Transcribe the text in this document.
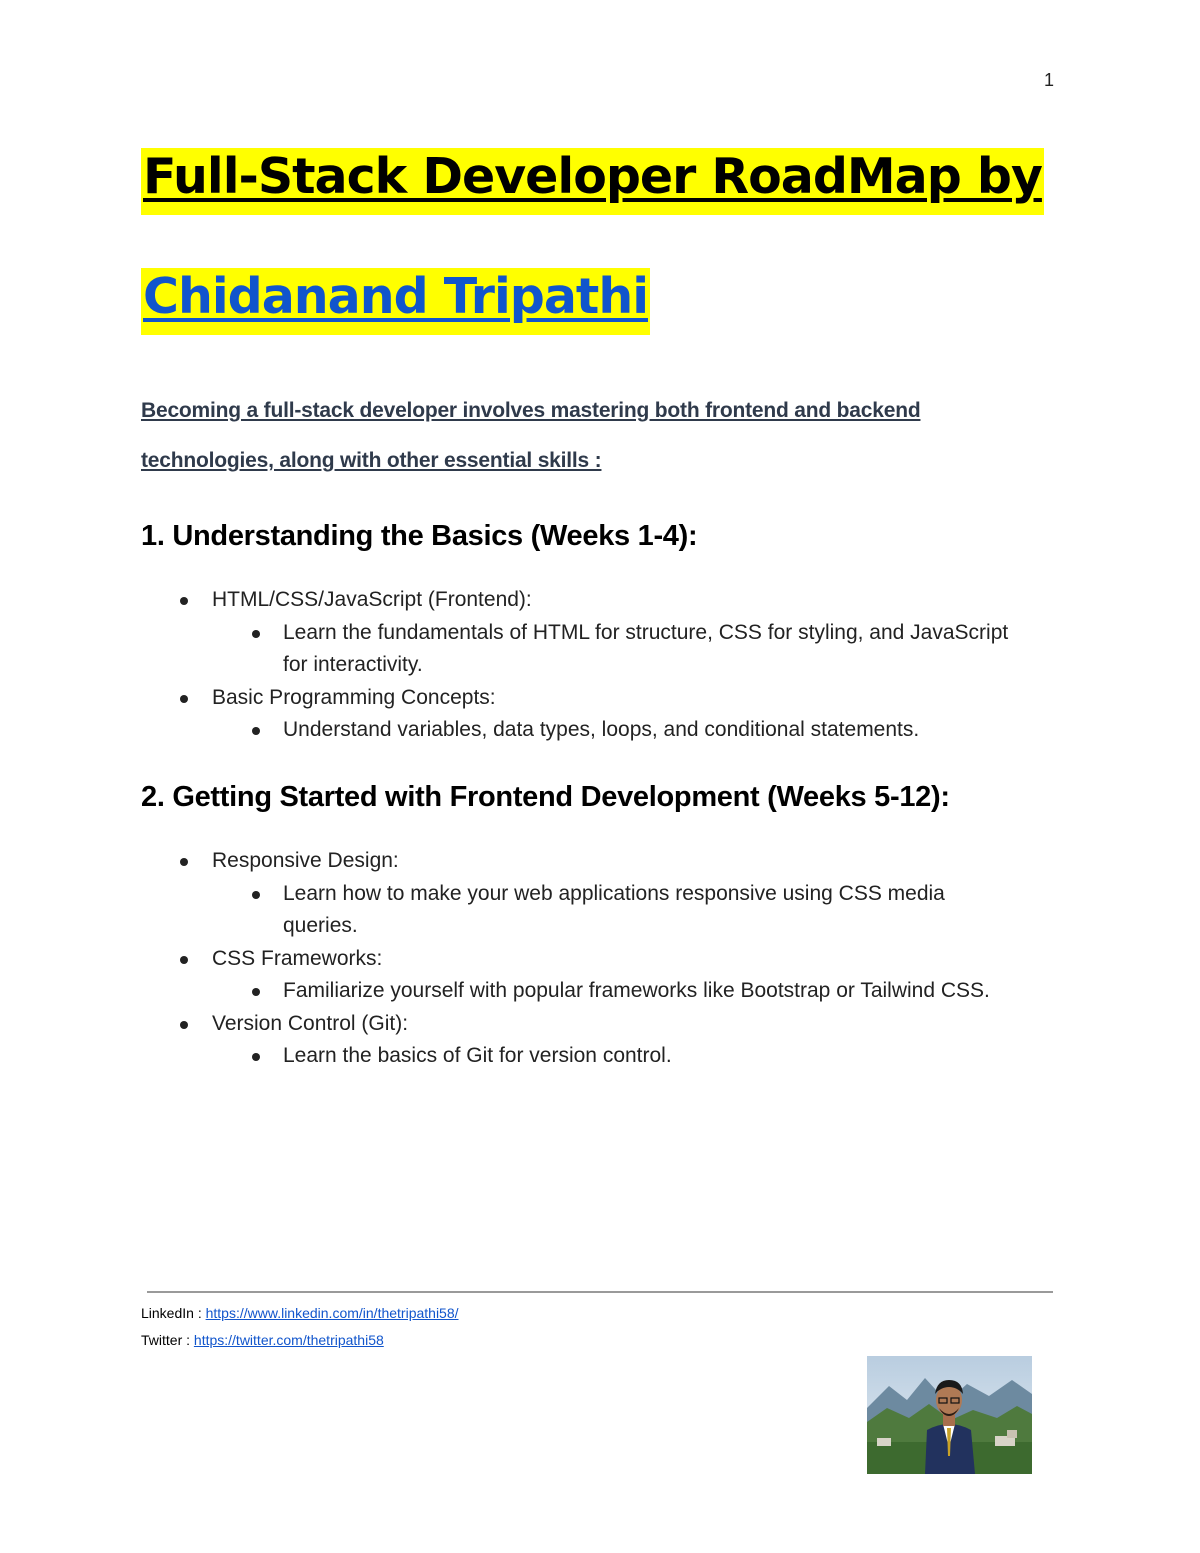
1
Full-Stack Developer RoadMap by
Chidanand Tripathi
Becoming a full-stack developer involves mastering both frontend and backend technologies, along with other essential skills :
1. Understanding the Basics (Weeks 1-4):
HTML/CSS/JavaScript (Frontend):
Learn the fundamentals of HTML for structure, CSS for styling, and JavaScript for interactivity.
Basic Programming Concepts:
Understand variables, data types, loops, and conditional statements.
2. Getting Started with Frontend Development (Weeks 5-12):
Responsive Design:
Learn how to make your web applications responsive using CSS media queries.
CSS Frameworks:
Familiarize yourself with popular frameworks like Bootstrap or Tailwind CSS.
Version Control (Git):
Learn the basics of Git for version control.
LinkedIn : https://www.linkedin.com/in/thetripathi58/
Twitter : https://twitter.com/thetripathi58
